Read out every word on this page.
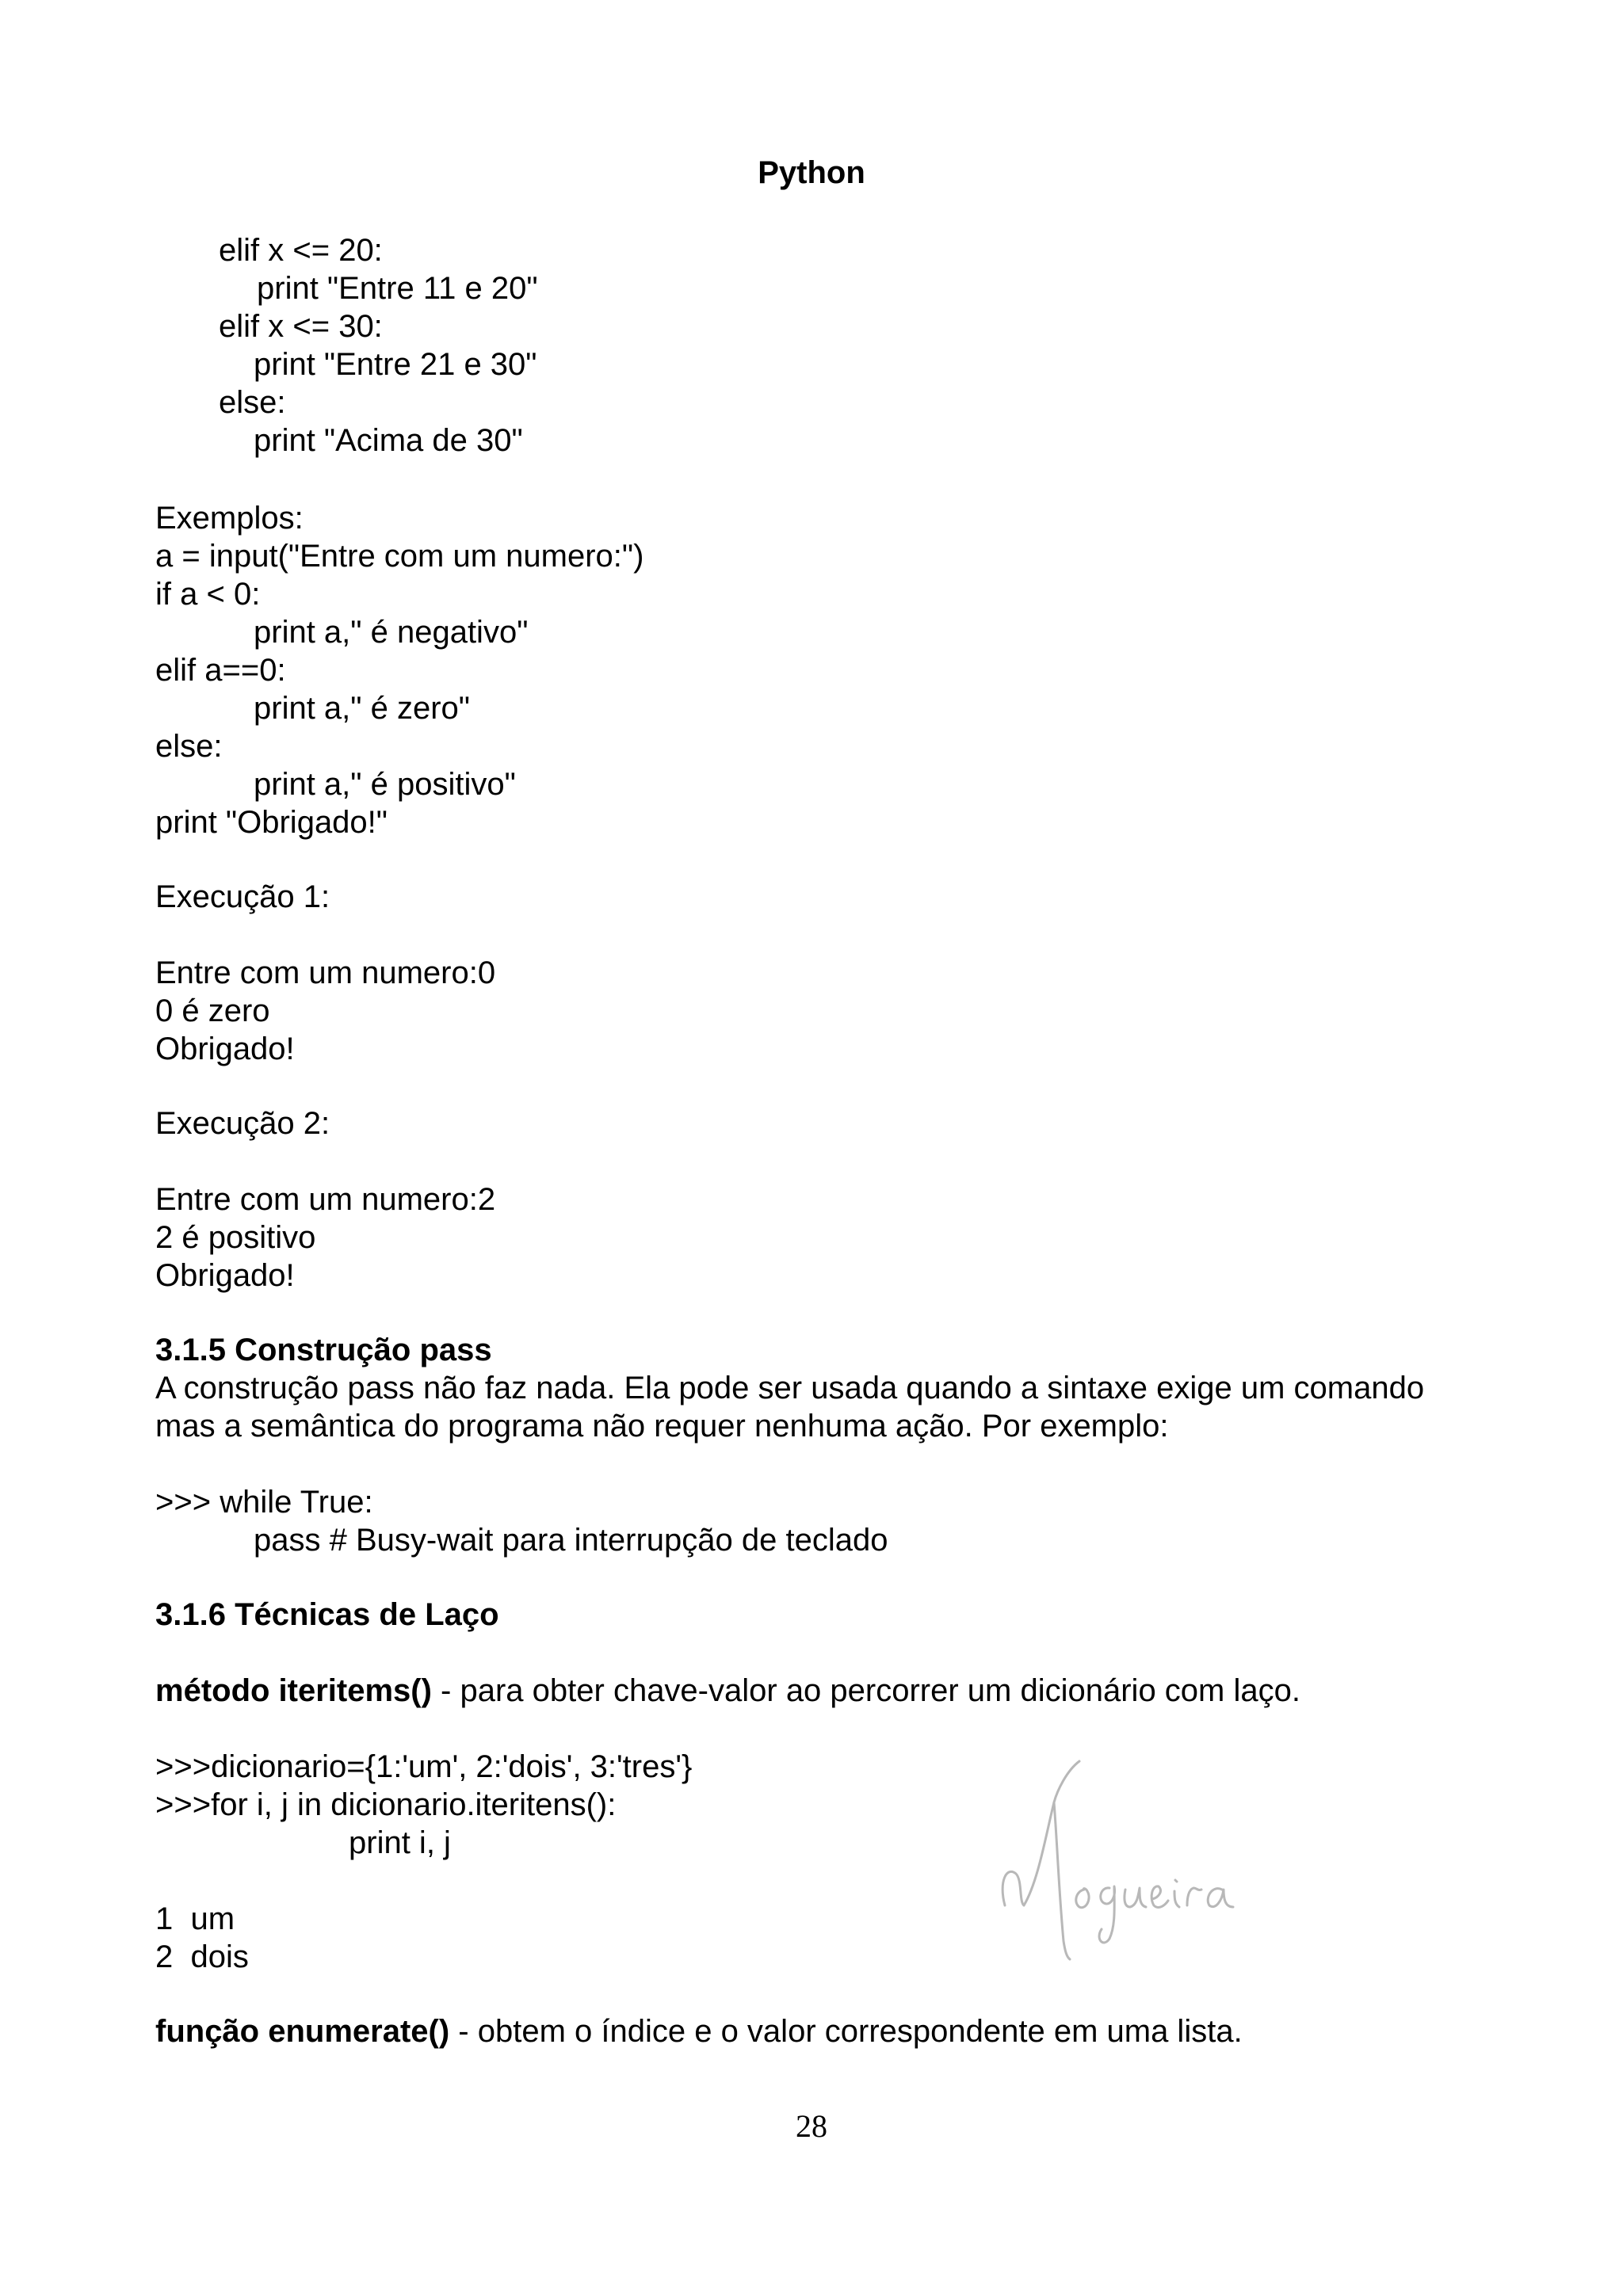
Python
elif x <= 20:
print "Entre 11 e 20"
elif x <= 30:
print "Entre 21 e 30"
else:
print "Acima de 30"
Exemplos:
a = input("Entre com um numero:")
if a < 0:
print a," é negativo"
elif a==0:
print a," é zero"
else:
print a," é positivo"
print "Obrigado!"
Execução 1:
Entre com um numero:0
0 é zero
Obrigado!
Execução 2:
Entre com um numero:2
2 é positivo
Obrigado!
3.1.5 Construção pass
A construção pass não faz nada. Ela pode ser usada quando a sintaxe exige um comando
mas a semântica do programa não requer nenhuma ação. Por exemplo:
>>> while True:
pass # Busy-wait para interrupção de teclado
3.1.6 Técnicas de Laço
método iteritems() - para obter chave-valor ao percorrer um dicionário com laço.
>>>dicionario={1:'um', 2:'dois', 3:'tres'}
>>>for i, j in dicionario.iteritens():
print i, j
1  um
2  dois
função enumerate() - obtem o índice e o valor correspondente em uma lista.
28
